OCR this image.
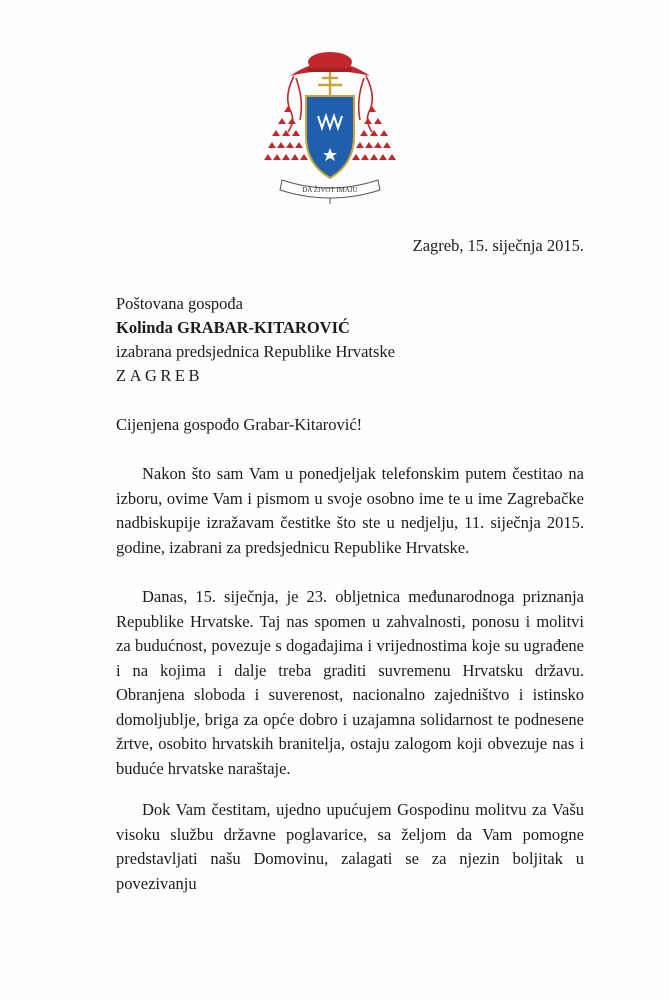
DA ŽIVOT IMAJU
Zagreb, 15. siječnja 2015.
Poštovana gospođa
Kolinda GRABAR-KITAROVIĆ
izabrana predsjednica Republike Hrvatske
ZAGREB
Cijenjena gospođo Grabar-Kitarović!

Nakon što sam Vam u ponedjeljak telefonskim putem čestitao na izboru, ovime Vam i pismom u svoje osobno ime te u ime Zagrebačke nadbiskupije izražavam čestitke što ste u nedjelju, 11. siječnja 2015. godine, izabrani za predsjednicu Republike Hrvatske.

Danas, 15. siječnja, je 23. obljetnica međunarodnoga priznanja Republike Hrvatske. Taj nas spomen u zahvalnosti, ponosu i molitvi za budućnost, povezuje s događajima i vrijednostima koje su ugrađene i na kojima i dalje treba graditi suvremenu Hrvatsku državu. Obranjena sloboda i suverenost, nacionalno zajedništvo i istinsko domoljublje, briga za opće dobro i uzajamna solidarnost te podnesene žrtve, osobito hrvatskih branitelja, ostaju zalogom koji obvezuje nas i buduće hrvatske naraštaje.

Dok Vam čestitam, ujedno upućujem Gospodinu molitvu za Vašu visoku službu državne poglavarice, sa željom da Vam pomogne predstavljati našu Domovinu, zalagati se za njezin boljitak u povezivanju
